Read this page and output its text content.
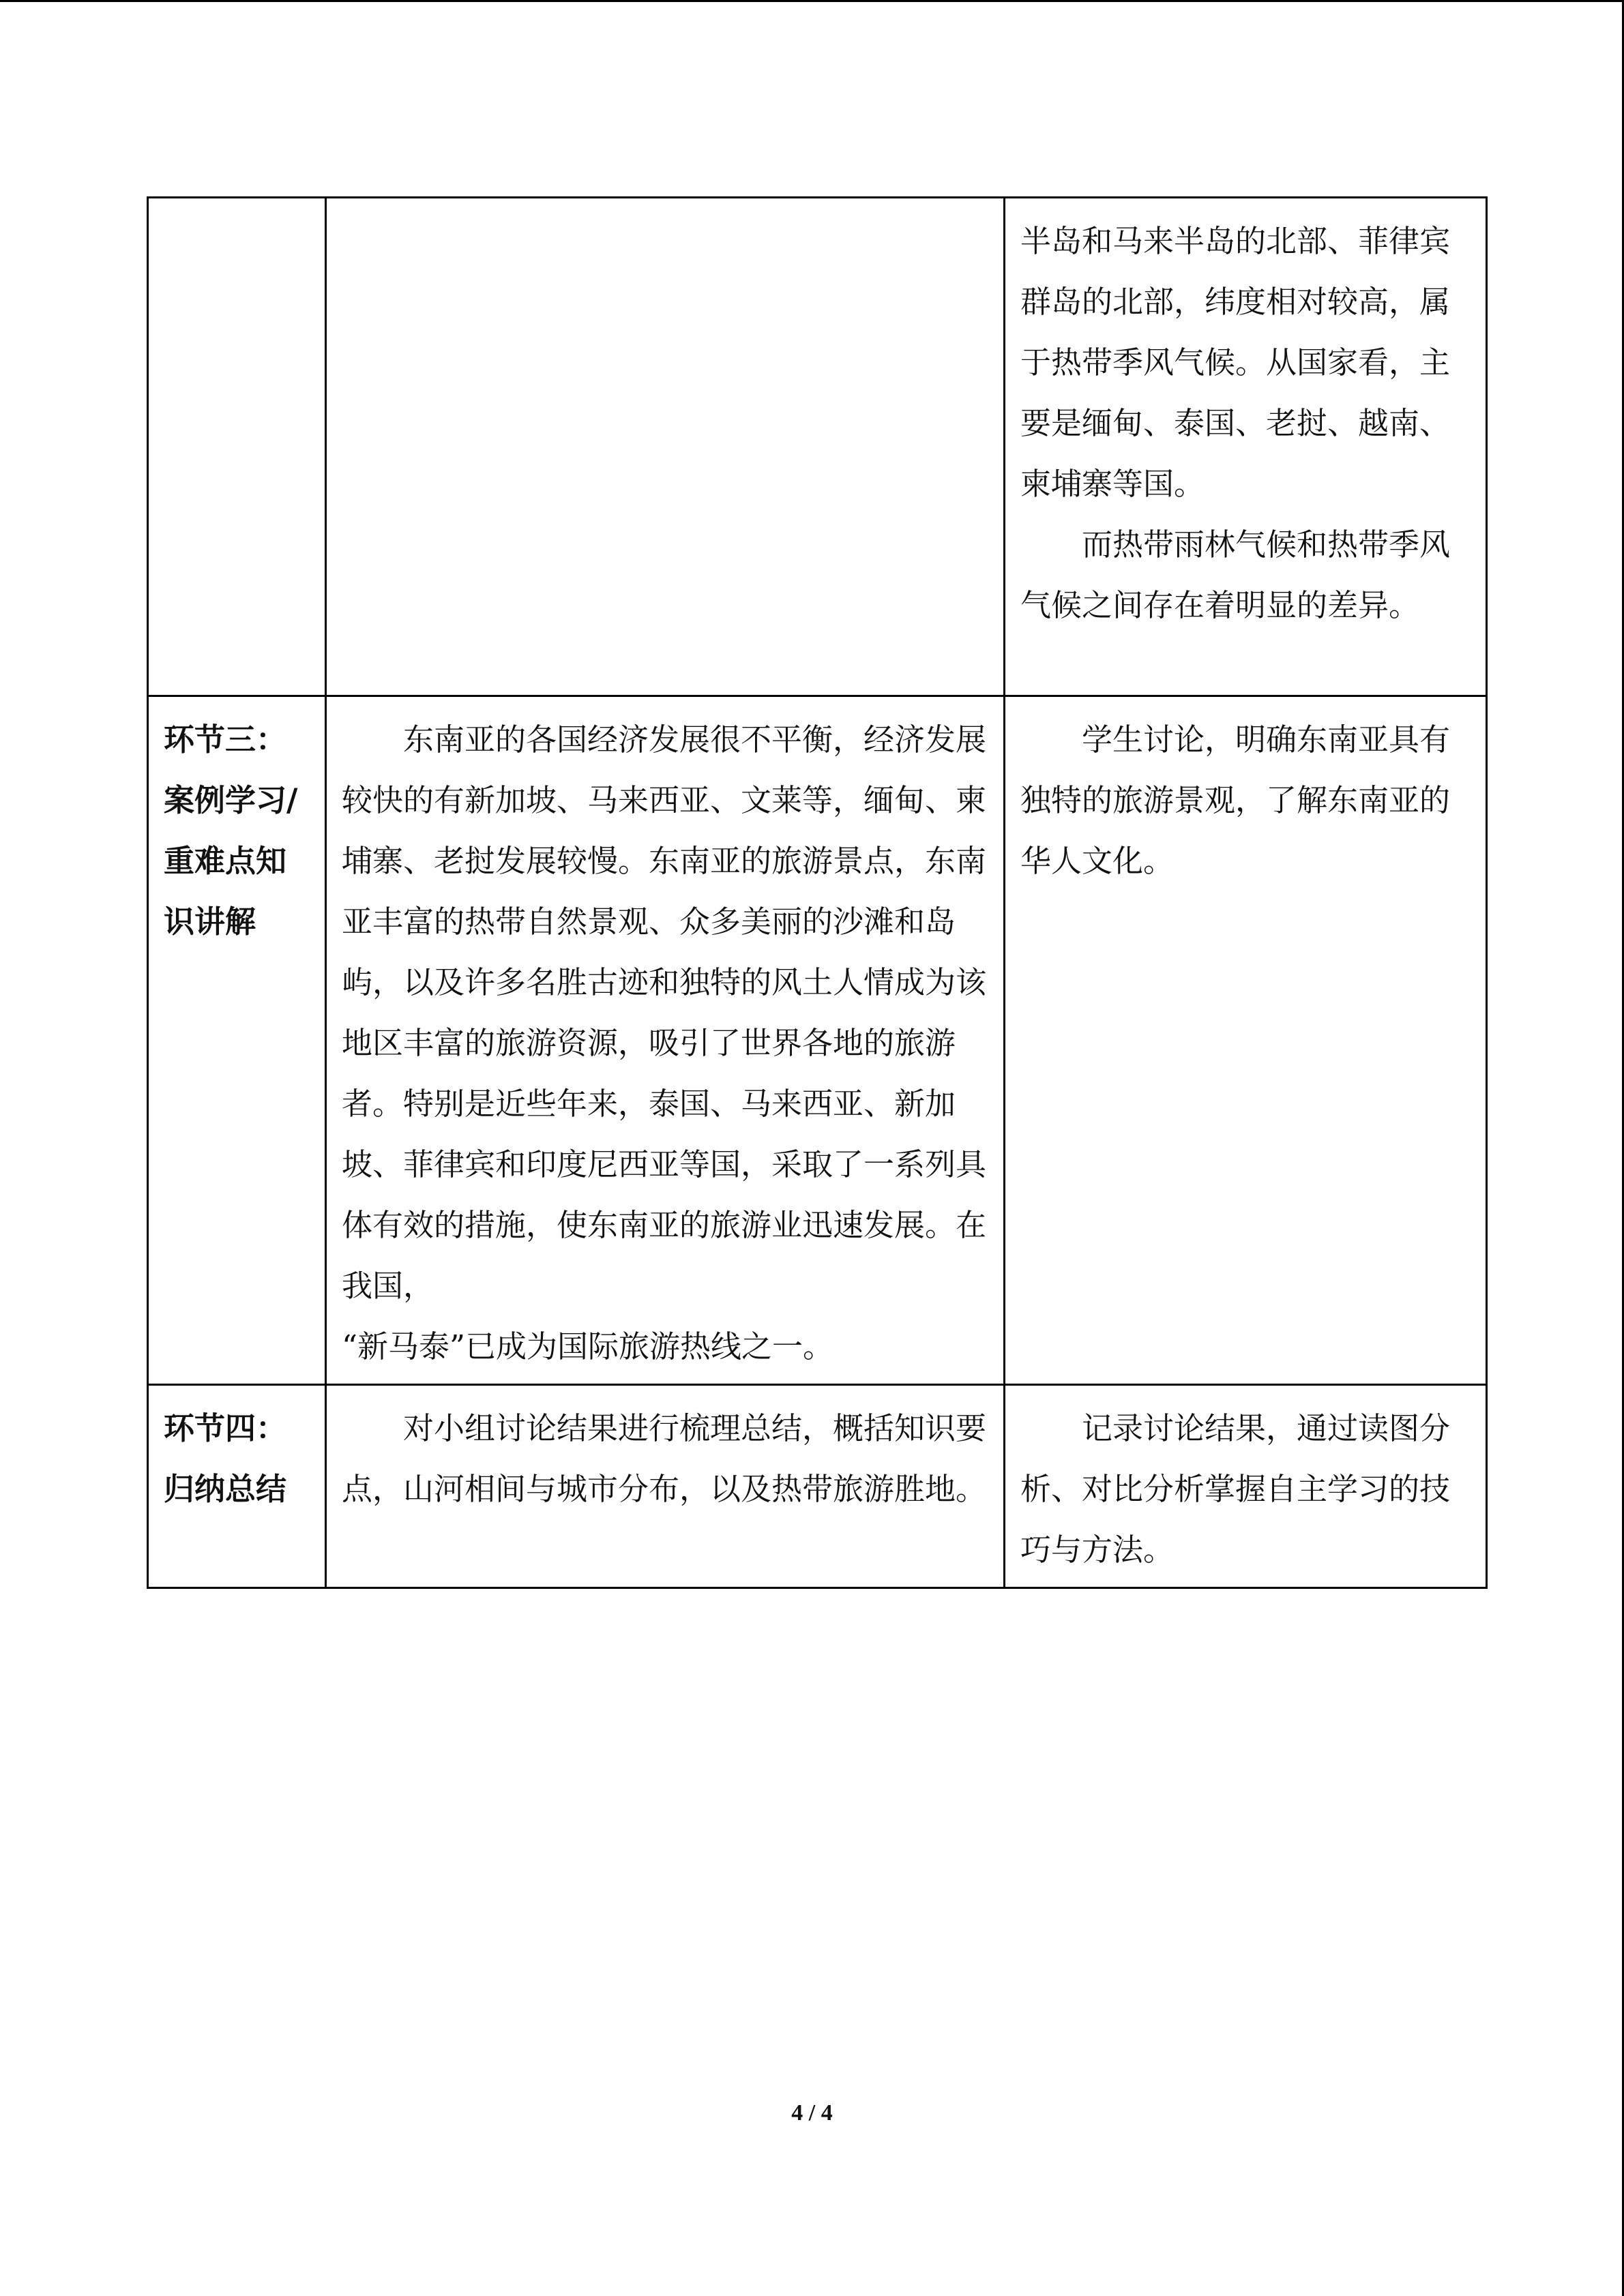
		半岛和马来半岛的北部、菲律宾群岛的北部，纬度相对较高，属于热带季风气候。从国家看，主要是缅甸、泰国、老挝、越南、柬埔寨等国。

而热带雨林气候和热带季风气候之间存在着明显的差异。

环节三：案例学习/重难点知识讲解	东南亚的各国经济发展很不平衡，经济发展较快的有新加坡、马来西亚、文莱等，缅甸、柬埔寨、老挝发展较慢。东南亚的旅游景点，东南亚丰富的热带自然景观、众多美丽的沙滩和岛屿，以及许多名胜古迹和独特的风土人情成为该地区丰富的旅游资源，吸引了世界各地的旅游者。特别是近些年来，泰国、马来西亚、新加坡、菲律宾和印度尼西亚等国，采取了一系列具体有效的措施，使东南亚的旅游业迅速发展。在我国，

“新马泰”已成为国际旅游热线之一。	学生讨论，明确东南亚具有独特的旅游景观，了解东南亚的华人文化。

环节四：归纳总结	对小组讨论结果进行梳理总结，概括知识要点，山河相间与城市分布，以及热带旅游胜地。	记录讨论结果，通过读图分析、对比分析掌握自主学习的技巧与方法。

4 / 4
